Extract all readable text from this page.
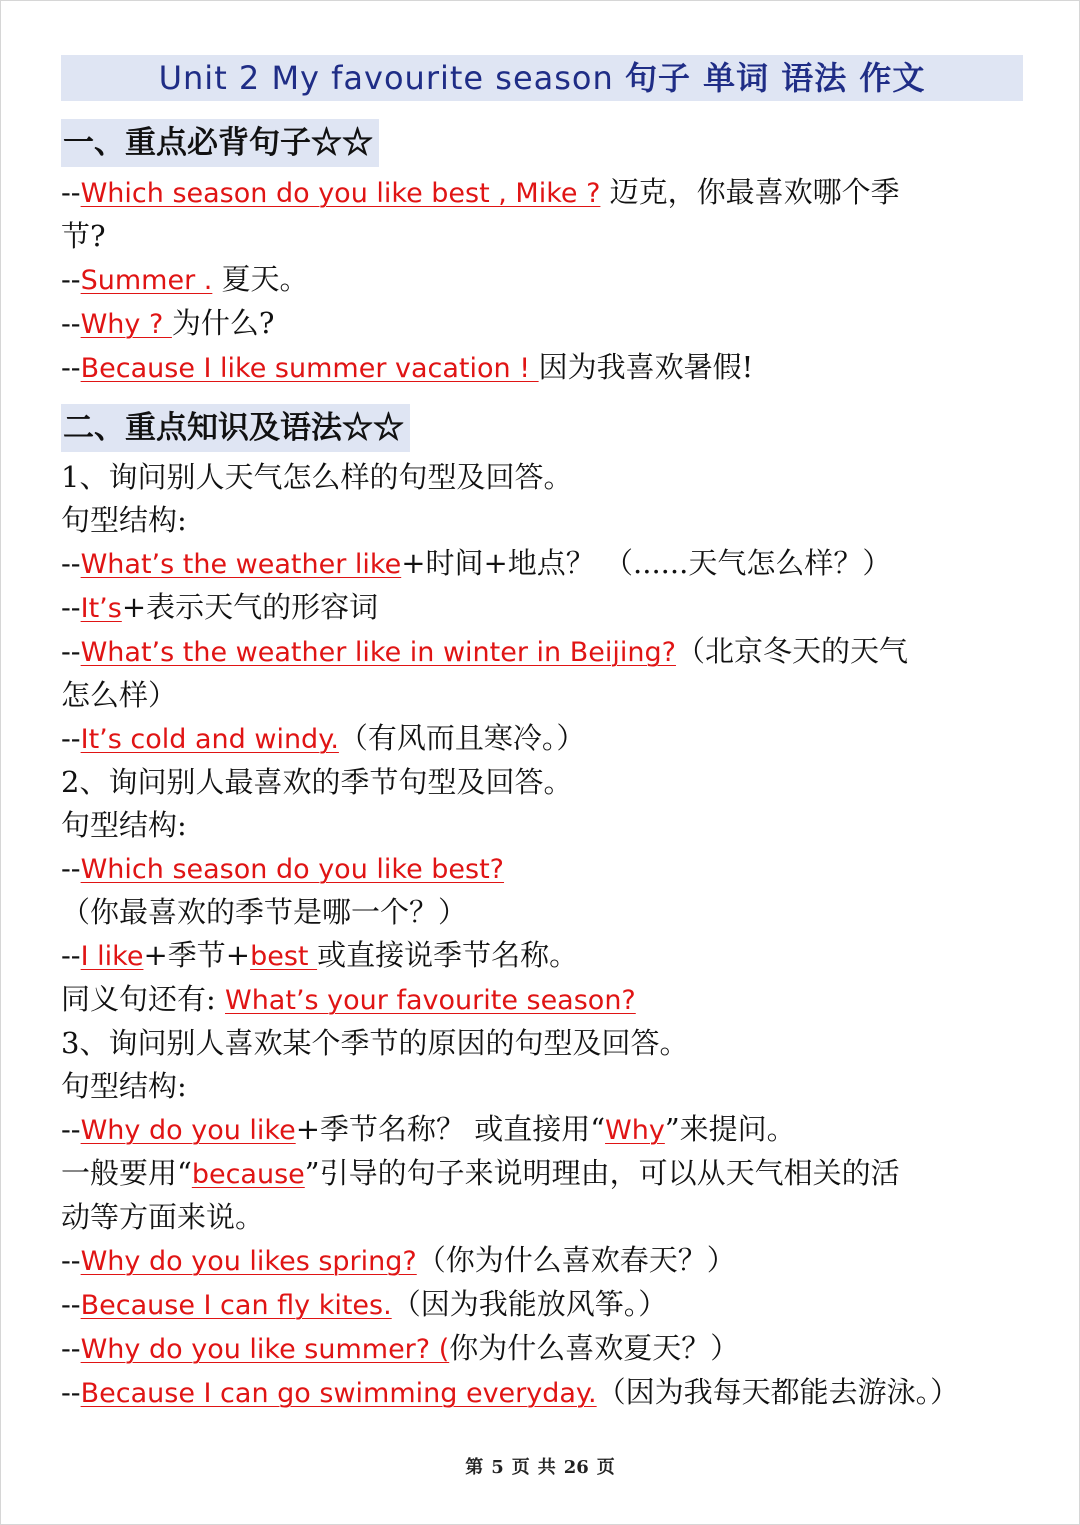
Unit 2 My favourite season 句子 单词 语法 作文
一、重点必背句子☆☆
--Which season do you like best , Mike ? 迈克，你最喜欢哪个季
节?
--Summer . 夏天。
--Why ? 为什么?
--Because I like summer vacation ! 因为我喜欢暑假!
二、重点知识及语法☆☆
1、询问别人天气怎么样的句型及回答。
句型结构:
--What’s the weather like+时间+地点？ （......天气怎么样？）
--It’s+表示天气的形容词
--What’s the weather like in winter in Beijing?（北京冬天的天气
怎么样）
--It’s cold and windy.（有风而且寒冷。）
2、询问别人最喜欢的季节句型及回答。
句型结构:
--Which season do you like best?
（你最喜欢的季节是哪一个？）
--I like+季节+best 或直接说季节名称。
同义句还有: What’s your favourite season?
3、询问别人喜欢某个季节的原因的句型及回答。
句型结构:
--Why do you like+季节名称？ 或直接用“Why”来提问。
一般要用“because”引导的句子来说明理由，可以从天气相关的活
动等方面来说。
--Why do you likes spring?（你为什么喜欢春天？）
--Because I can fly kites.（因为我能放风筝。）
--Why do you like summer? (你为什么喜欢夏天？）
--Because I can go swimming everyday.（因为我每天都能去游泳。）
第 5 页 共 26 页
